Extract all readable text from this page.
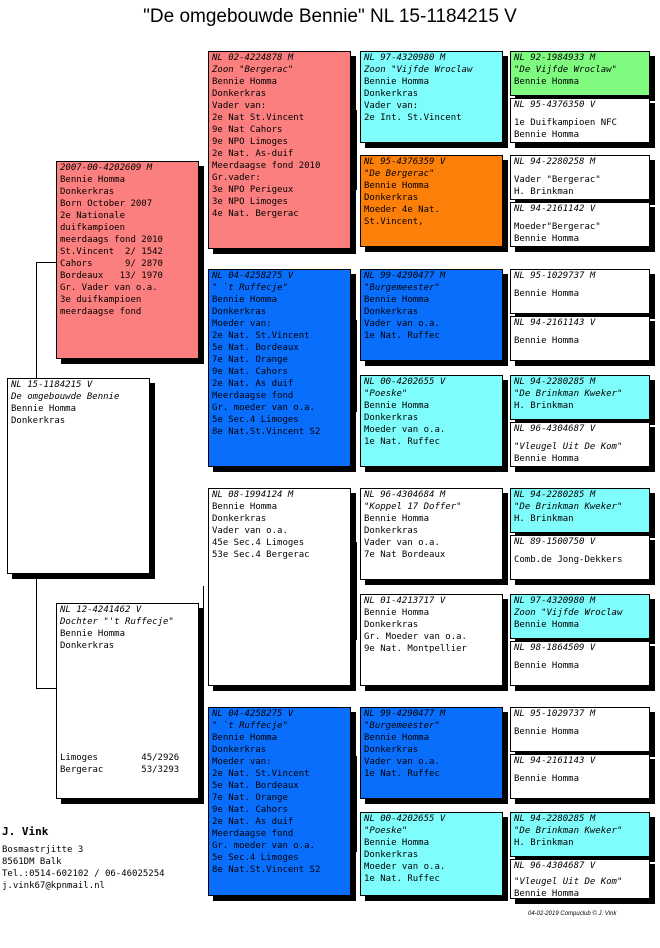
"De omgebouwde Bennie" NL 15-1184215 V
NL 15-1184215 V
De omgebouwde Bennie
Bennie Homma
Donkerkras
2007-00-4202609 M
Bennie Homma
Donkerkras
Born October 2007
2e Nationale
duifkampioen
meerdaags fond 2010
St.Vincent  2/ 1542
Cahors      9/ 2870
Bordeaux   13/ 1970
Gr. Vader van o.a.
3e duifkampioen
meerdaagse fond
NL 12-4241462 V
Dochter "'t Ruffecje"
Bennie Homma
Donkerkras
Limoges        45/2926
Bergerac       53/3293
NL 02-4224878 M
Zoon "Bergerac"
Bennie Homma
Donkerkras
Vader van:
2e Nat St.Vincent
9e Nat Cahors
9e NPO Limoges
2e Nat. As-duif
Meerdaagse fond 2010
Gr.vader:
3e NPO Perigeux
3e NPO Limoges
4e Nat. Bergerac
NL 04-4258275 V
" `t Ruffecje"
Bennie Homma
Donkerkras
Moeder van:
2e Nat. St.Vincent
5e Nat. Bordeaux
7e Nat. Orange
9e Nat. Cahors
2e Nat. As duif
Meerdaagse fond
Gr. moeder van o.a.
5e Sec.4 Limoges
8e Nat.St.Vincent S2
NL 08-1994124 M
Bennie Homma
Donkerkras
Vader van o.a.
45e Sec.4 Limoges
53e Sec.4 Bergerac
NL 04-4258275 V
" `t Ruffecje"
Bennie Homma
Donkerkras
Moeder van:
2e Nat. St.Vincent
5e Nat. Bordeaux
7e Nat. Orange
9e Nat. Cahors
2e Nat. As duif
Meerdaagse fond
Gr. moeder van o.a.
5e Sec.4 Limoges
8e Nat.St.Vincent S2
NL 97-4320980 M
Zoon "Vijfde Wroclaw
Bennie Homma
Donkerkras
Vader van:
2e Int. St.Vincent
NL 95-4376359 V
"De Bergerac"
Bennie Homma
Donkerkras
Moeder 4e Nat.
St.Vincent,
NL 99-4290477 M
"Burgemeester"
Bennie Homma
Donkerkras
Vader van o.a.
1e Nat. Ruffec
NL 00-4202655 V
"Poeske"
Bennie Homma
Donkerkras
Moeder van o.a.
1e Nat. Ruffec
NL 96-4304684 M
"Koppel 17 Doffer"
Bennie Homma
Donkerkras
Vader van o.a.
7e Nat Bordeaux
NL 01-4213717 V
Bennie Homma
Donkerkras
Gr. Moeder van o.a.
9e Nat. Montpellier
NL 99-4290477 M
"Burgemeester"
Bennie Homma
Donkerkras
Vader van o.a.
1e Nat. Ruffec
NL 00-4202655 V
"Poeske"
Bennie Homma
Donkerkras
Moeder van o.a.
1e Nat. Ruffec
NL 92-1984933 M
"De Vijfde Wroclaw"
Bennie Homma
NL 95-4376350 V
1e Duifkampioen NFC
Bennie Homma
NL 94-2280258 M
Vader "Bergerac"
H. Brinkman
NL 94-2161142 V
Moeder"Bergerac"
Bennie Homma
NL 95-1029737 M
Bennie Homma
NL 94-2161143 V
Bennie Homma
NL 94-2280285 M
"De Brinkman Kweker"
H. Brinkman
NL 96-4304687 V
"Vleugel Uit De Kom"
Bennie Homma
NL 94-2280285 M
"De Brinkman Kweker"
H. Brinkman
NL 89-1500750 V
Comb.de Jong-Dekkers
NL 97-4320980 M
Zoon "Vijfde Wroclaw
Bennie Homma
NL 98-1864509 V
Bennie Homma
NL 95-1029737 M
Bennie Homma
NL 94-2161143 V
Bennie Homma
NL 94-2280285 M
"De Brinkman Kweker"
H. Brinkman
NL 96-4304687 V
"Vleugel Uit De Kom"
Bennie Homma
J. Vink
Bosmastrjitte 3
8561DM Balk
Tel.:0514-602102 / 06-46025254
j.vink67@kpnmail.nl
04-02-2019 Compuclub © J. Vink
